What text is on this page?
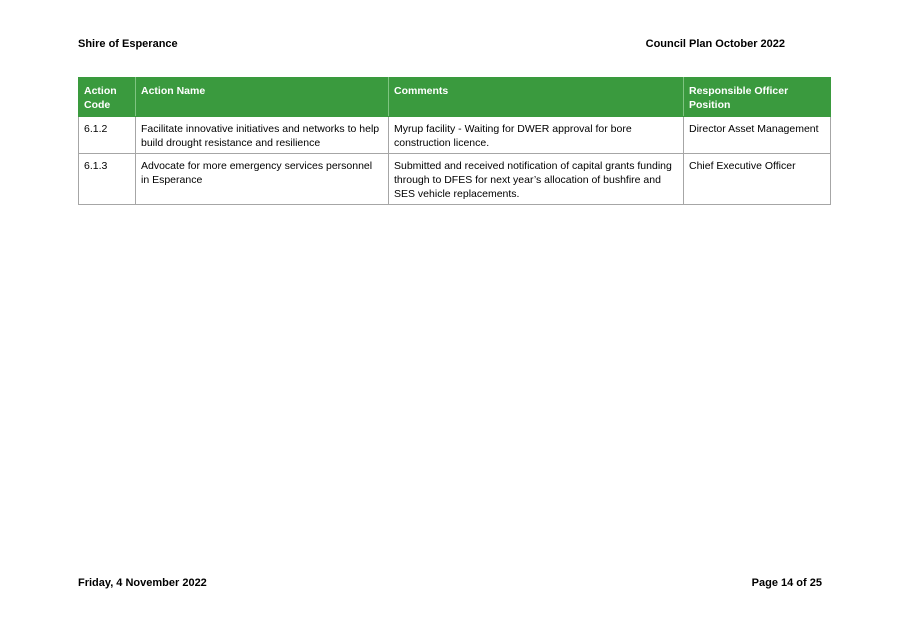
Shire of Esperance	Council Plan October 2022
Action Code	Action Name	Comments	Responsible Officer Position
6.1.2	Facilitate innovative initiatives and networks to help build drought resistance and resilience	Myrup facility - Waiting for DWER approval for bore construction licence.	Director Asset Management
6.1.3	Advocate for more emergency services personnel in Esperance	Submitted and received notification of capital grants funding through to DFES for next year’s allocation of bushfire and SES vehicle replacements.	Chief Executive Officer
Friday, 4 November 2022	Page 14 of 25
